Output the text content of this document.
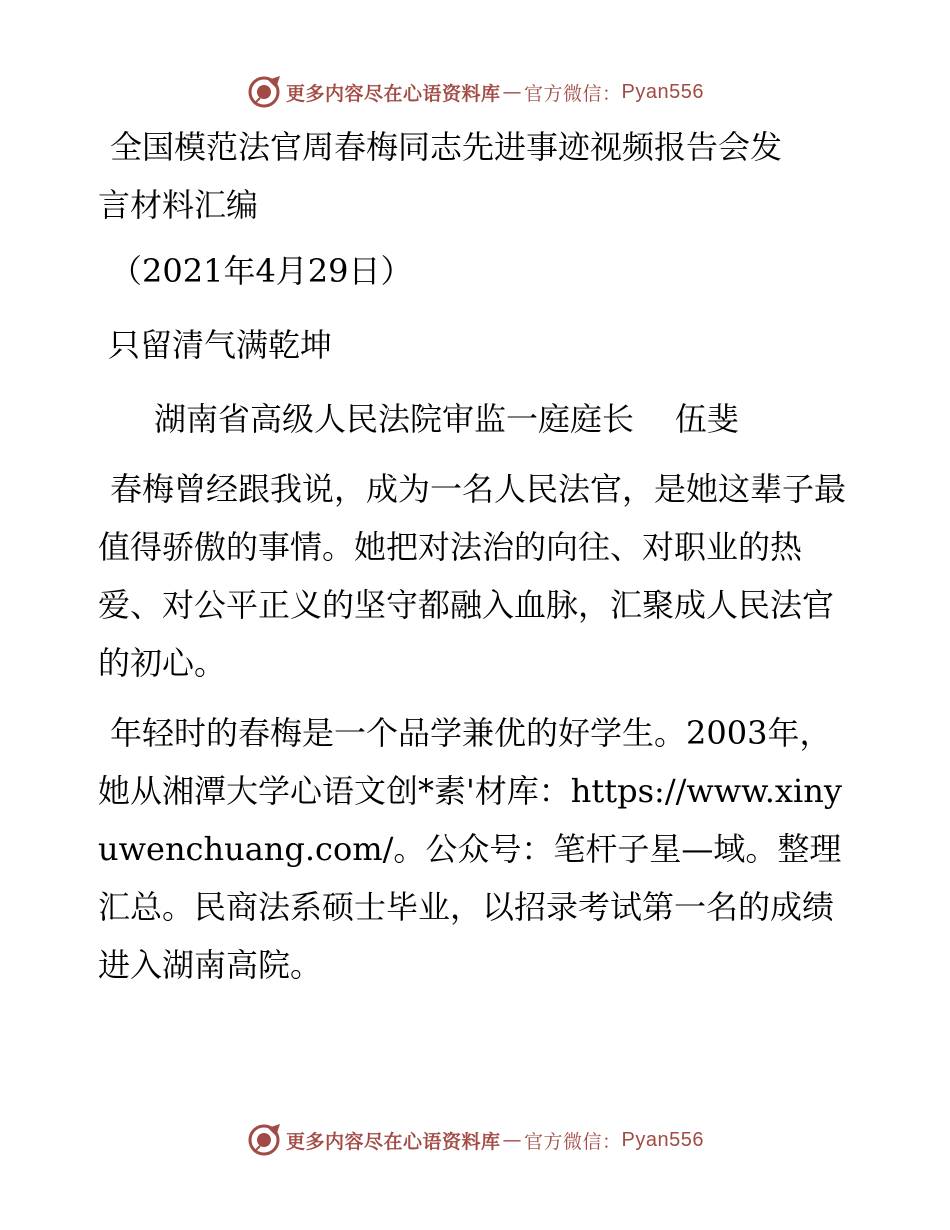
更多内容尽在心语资料库 — 官方微信： Pyan556
全国模范法官周春梅同志先进事迹视频报告会发
言材料汇编

（2021年4月29日）

只留清气满乾坤

湖南省高级人民法院审监一庭庭长    伍斐

春梅曾经跟我说，成为一名人民法官，是她这辈子最值得骄傲的事情。她把对法治的向往、对职业的热爱、对公平正义的坚守都融入血脉，汇聚成人民法官的初心。

年轻时的春梅是一个品学兼优的好学生。2003年，她从湘潭大学心语文创*素'材库：https://www.xinyuwenchuang.com/。公众号：笔杆子星—域。整理汇总。民商法系硕士毕业，以招录考试第一名的成绩进入湖南高院。

更多内容尽在心语资料库 — 官方微信： Pyan556
